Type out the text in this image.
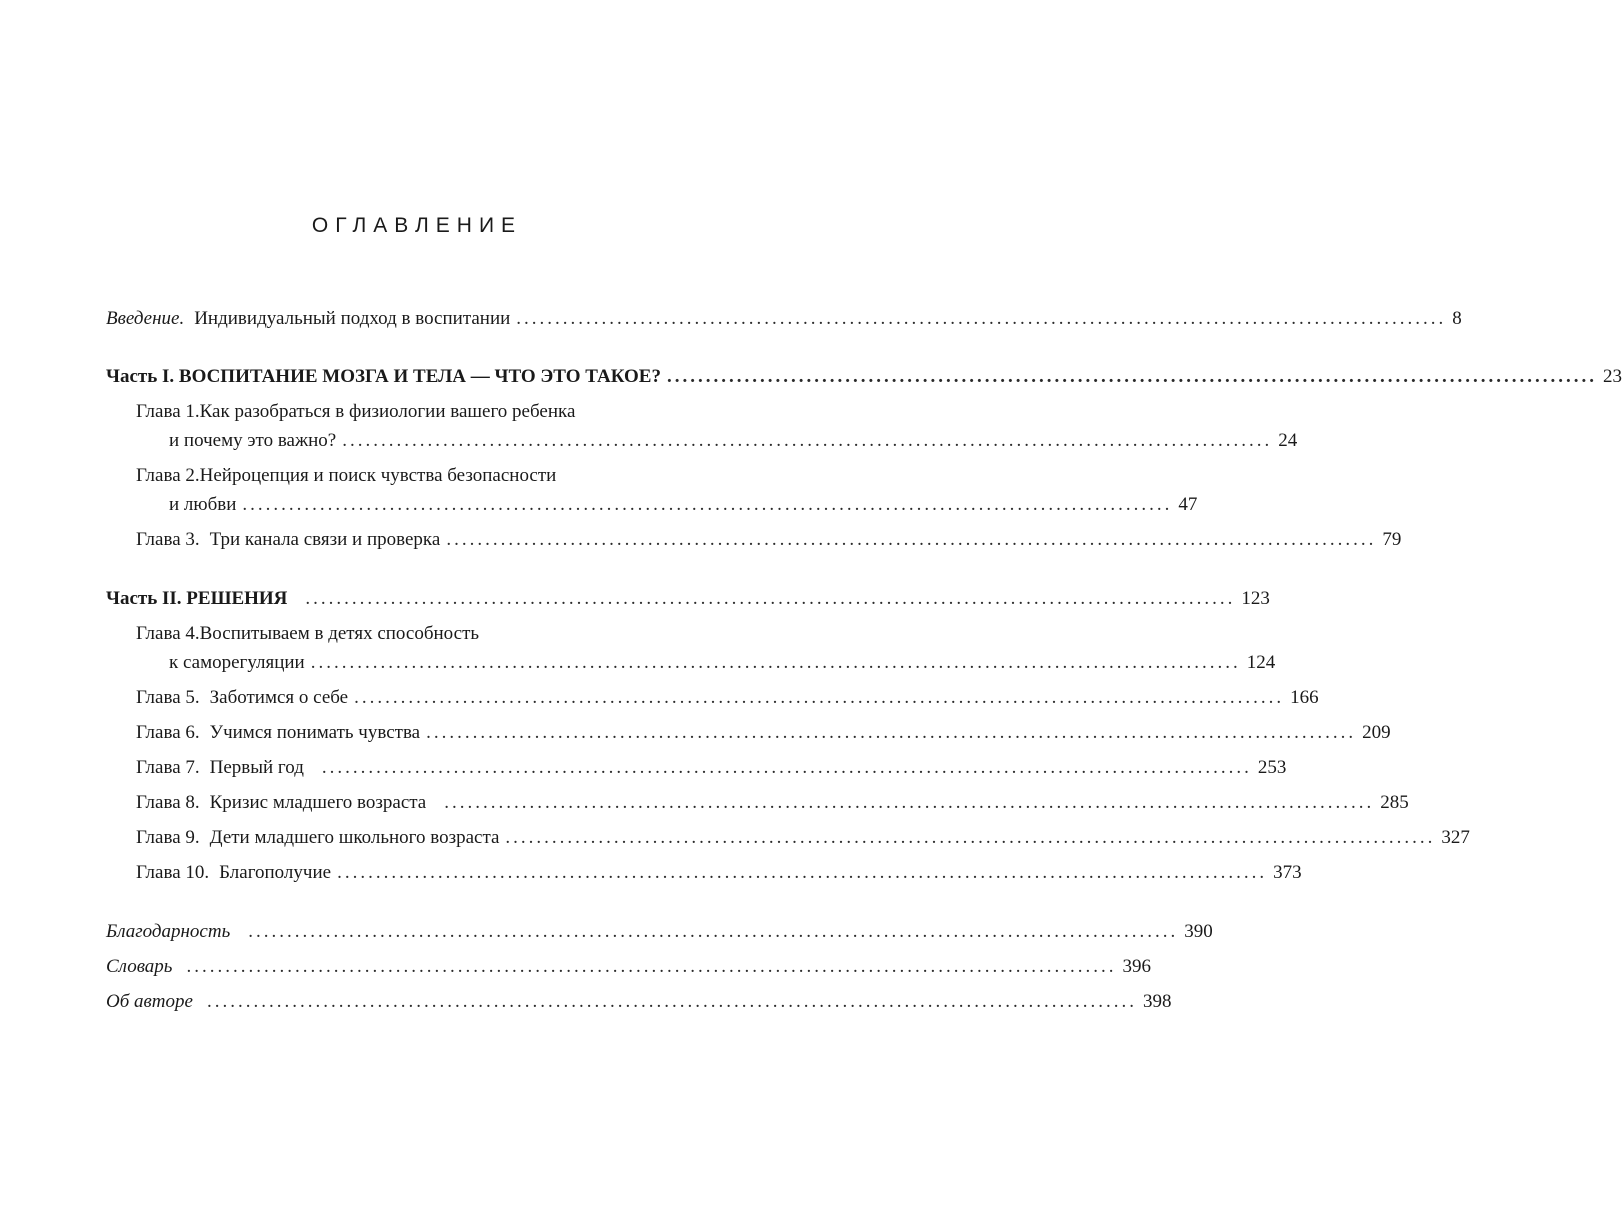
ОГЛАВЛЕНИЕ
Введение. Индивидуальный подход в воспитании ........................................................................................................................ 8
Часть I. ВОСПИТАНИЕ МОЗГА И ТЕЛА — ЧТО ЭТО ТАКОЕ? ........................................................................................................................ 23
Глава 1.Как разобраться в физиологии вашего ребенка
и почему это важно? ........................................................................................................................ 24
Глава 2.Нейроцепция и поиск чувства безопасности
и любви ........................................................................................................................ 47
Глава 3. Три канала связи и проверка ........................................................................................................................ 79
Часть II. РЕШЕНИЯ ........................................................................................................................ 123
Глава 4.Воспитываем в детях способность
к саморегуляции ........................................................................................................................ 124
Глава 5. Заботимся о себе ........................................................................................................................ 166
Глава 6. Учимся понимать чувства ........................................................................................................................ 209
Глава 7. Первый год ........................................................................................................................ 253
Глава 8. Кризис младшего возраста ........................................................................................................................ 285
Глава 9. Дети младшего школьного возраста ........................................................................................................................ 327
Глава 10. Благополучие ........................................................................................................................ 373
Благодарность ........................................................................................................................ 390
Словарь ........................................................................................................................ 396
Об авторе ........................................................................................................................ 398
